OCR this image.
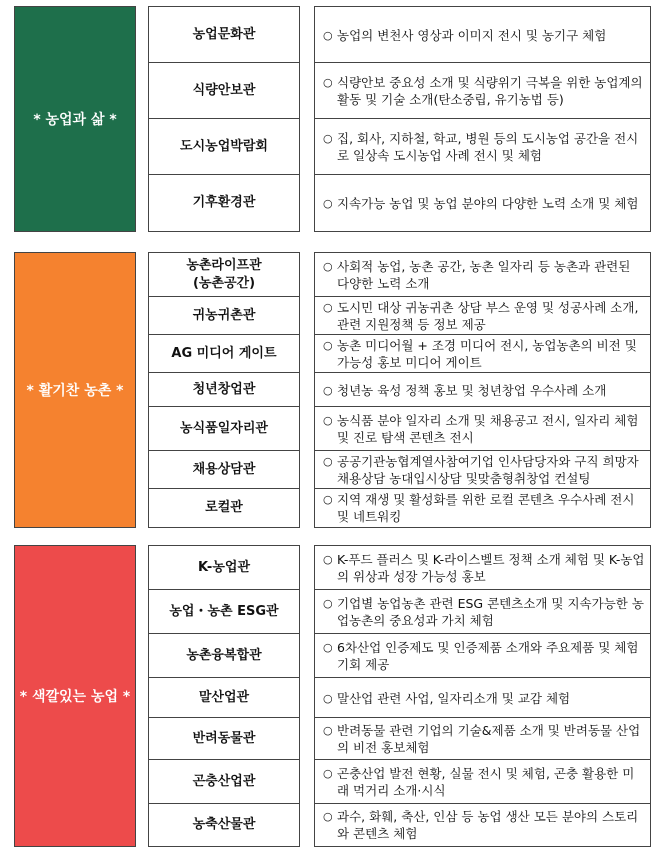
* 농업과 삶 *
농업문화관
식량안보관
도시농업박람회
기후환경관
○ 농업의 변천사 영상과 이미지 전시 및 농기구 체험
○ 식량안보 중요성 소개 및 식량위기 극복을 위한 농업계의 활동 및 기술 소개(탄소중립, 유기농법 등)
○ 집, 회사, 지하철, 학교, 병원 등의 도시농업 공간을 전시로 일상속 도시농업 사례 전시 및 체험
○ 지속가능 농업 및 농업 분야의 다양한 노력 소개 및 체험
* 활기찬 농촌 *
농촌라이프관
(농촌공간)
귀농귀촌관
AG 미디어 게이트
청년창업관
농식품일자리관
채용상담관
로컬관
○ 사회적 농업, 농촌 공간, 농촌 일자리 등 농촌과 관련된 다양한 노력 소개
○ 도시민 대상 귀농귀촌 상담 부스 운영 및 성공사례 소개, 관련 지원정책 등 정보 제공
○ 농촌 미디어월 + 조경 미디어 전시, 농업농촌의 비전 및 가능성 홍보 미디어 게이트
○ 청년농 육성 정책 홍보 및 청년창업 우수사례 소개
○ 농식품 분야 일자리 소개 및 채용공고 전시, 일자리 체험 및 진로 탐색 콘텐츠 전시
○ 공공기관농협계열사참여기업 인사담당자와 구직 희망자 채용상담 농대입시상담 및맞춤형취창업 컨설팅
○ 지역 재생 및 활성화를 위한 로컬 콘텐츠 우수사례 전시 및 네트워킹
* 색깔있는 농업 *
K-농업관
농업・농촌 ESG관
농촌융복합관
말산업관
반려동물관
곤충산업관
농축산물관
○ K-푸드 플러스 및 K-라이스벨트 정책 소개 체험 및 K-농업의 위상과 성장 가능성 홍보
○ 기업별 농업농촌 관련 ESG 콘텐츠소개 및 지속가능한 농업농촌의 중요성과 가치 체험
○ 6차산업 인증제도 및 인증제품 소개와 주요제품 및 체험 기회 제공
○ 말산업 관련 사업, 일자리소개 및 교감 체험
○ 반려동물 관련 기업의 기술&제품 소개 및 반려동물 산업의 비전 홍보체험
○ 곤충산업 발전 현황, 실물 전시 및 체험, 곤충 활용한 미래 먹거리 소개·시식
○ 과수, 화훼, 축산, 인삼 등 농업 생산 모든 분야의 스토리와 콘텐츠 체험
